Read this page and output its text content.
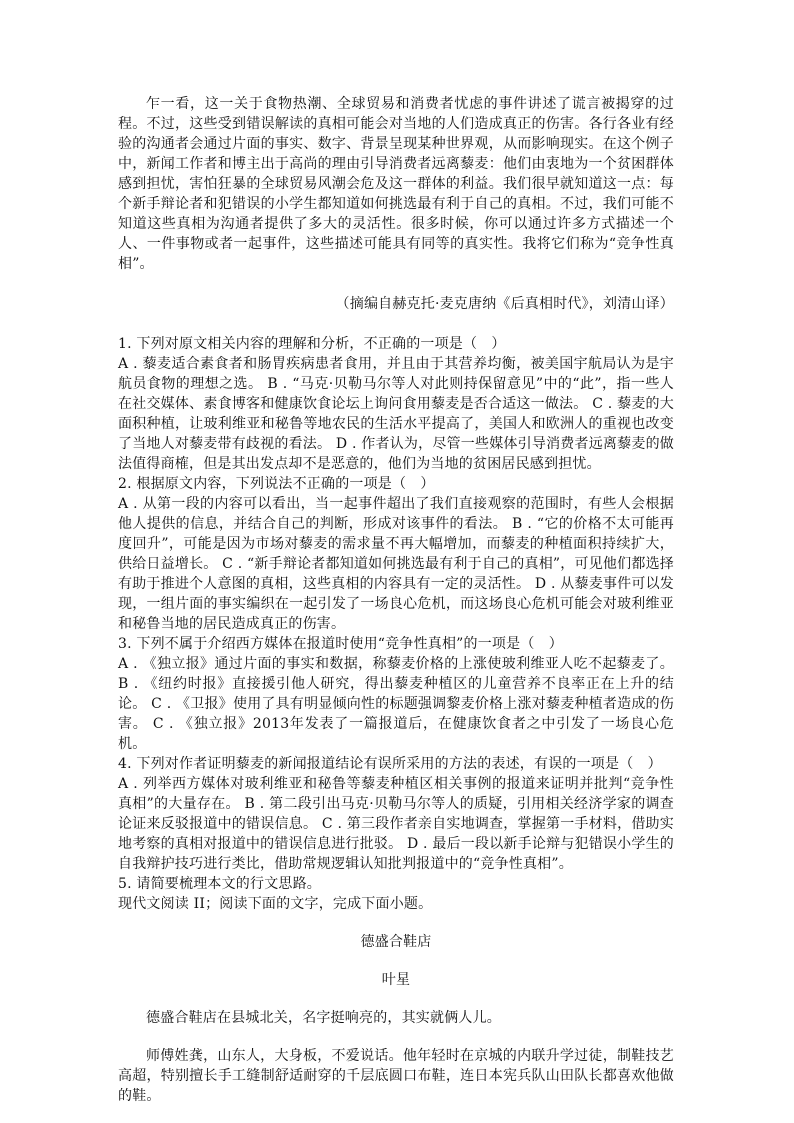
乍一看，这一关于食物热潮、全球贸易和消费者忧虑的事件讲述了谎言被揭穿的过程。不过，这些受到错误解读的真相可能会对当地的人们造成真正的伤害。各行各业有经验的沟通者会通过片面的事实、数字、背景呈现某种世界观，从而影响现实。在这个例子中，新闻工作者和博主出于高尚的理由引导消费者远离藜麦：他们由衷地为一个贫困群体感到担忧，害怕狂暴的全球贸易风潮会危及这一群体的利益。我们很早就知道这一点：每个新手辩论者和犯错误的小学生都知道如何挑选最有利于自己的真相。不过，我们可能不知道这些真相为沟通者提供了多大的灵活性。很多时候，你可以通过许多方式描述一个人、一件事物或者一起事件，这些描述可能具有同等的真实性。我将它们称为“竞争性真相”。

（摘编自赫克托·麦克唐纳《后真相时代》，刘清山译）

1. 下列对原文相关内容的理解和分析，不正确的一项是（　）

A . 藜麦适合素食者和肠胃疾病患者食用，并且由于其营养均衡，被美国宇航局认为是宇航员食物的理想之选。 B . “马克·贝勒马尔等人对此则持保留意见”中的“此”，指一些人在社交媒体、素食博客和健康饮食论坛上询问食用藜麦是否合适这一做法。 C . 藜麦的大面积种植，让玻利维亚和秘鲁等地农民的生活水平提高了，美国人和欧洲人的重视也改变了当地人对藜麦带有歧视的看法。 D . 作者认为，尽管一些媒体引导消费者远离藜麦的做法值得商榷，但是其出发点却不是恶意的，他们为当地的贫困居民感到担忧。

2. 根据原文内容，下列说法不正确的一项是（　）

A . 从第一段的内容可以看出，当一起事件超出了我们直接观察的范围时，有些人会根据他人提供的信息，并结合自己的判断，形成对该事件的看法。 B . “它的价格不太可能再度回升”，可能是因为市场对藜麦的需求量不再大幅增加，而藜麦的种植面积持续扩大，供给日益增长。 C . “新手辩论者都知道如何挑选最有利于自己的真相”，可见他们都选择有助于推进个人意图的真相，这些真相的内容具有一定的灵活性。 D . 从藜麦事件可以发现，一组片面的事实编织在一起引发了一场良心危机，而这场良心危机可能会对玻利维亚和秘鲁当地的居民造成真正的伤害。

3. 下列不属于介绍西方媒体在报道时使用“竞争性真相”的一项是（　）

A . 《独立报》通过片面的事实和数据，称藜麦价格的上涨使玻利维亚人吃不起藜麦了。 B . 《纽约时报》直接援引他人研究，得出藜麦种植区的儿童营养不良率正在上升的结论。 C . 《卫报》使用了具有明显倾向性的标题强调黎麦价格上涨对藜麦种植者造成的伤害。 C . 《独立报》2013年发表了一篇报道后，在健康饮食者之中引发了一场良心危机。

4. 下列对作者证明藜麦的新闻报道结论有误所采用的方法的表述，有误的一项是（　）

A . 列举西方媒体对玻利维亚和秘鲁等藜麦种植区相关事例的报道来证明并批判“竞争性真相”的大量存在。 B . 第二段引出马克·贝勒马尔等人的质疑，引用相关经济学家的调查论证来反驳报道中的错误信息。 C . 第三段作者亲自实地调查，掌握第一手材料，借助实地考察的真相对报道中的错误信息进行批驳。 D . 最后一段以新手论辩与犯错误小学生的自我辩护技巧进行类比，借助常规逻辑认知批判报道中的“竞争性真相”。

5. 请简要梳理本文的行文思路。

现代文阅读 II；阅读下面的文字，完成下面小题。

德盛合鞋店

叶星

德盛合鞋店在县城北关，名字挺响亮的，其实就俩人儿。

师傅姓龚，山东人，大身板，不爱说话。他年轻时在京城的内联升学过徒，制鞋技艺高超，特别擅长手工缝制舒适耐穿的千层底圆口布鞋，连日本宪兵队山田队长都喜欢他做的鞋。
